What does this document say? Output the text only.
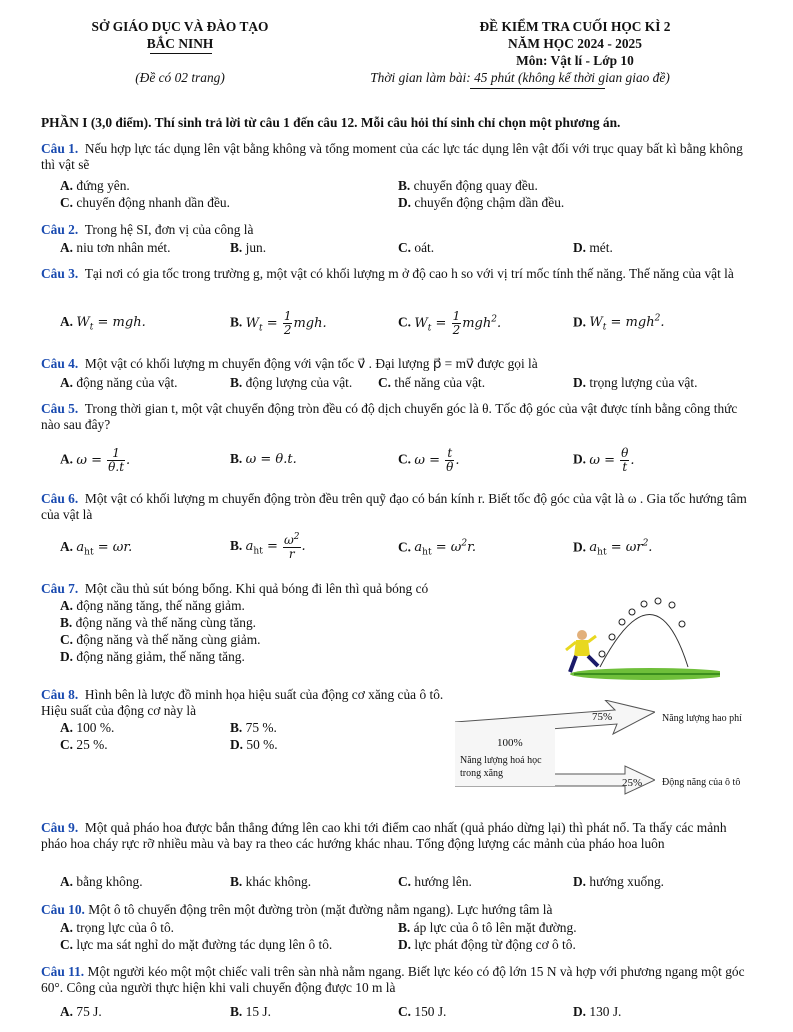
SỞ GIÁO DỤC VÀ ĐÀO TẠO
BẮC NINH
(Đề có 02 trang)
ĐỀ KIỂM TRA CUỐI HỌC KÌ 2
NĂM HỌC 2024 - 2025
Môn: Vật lí - Lớp 10
Thời gian làm bài: 45 phút (không kể thời gian giao đề)
PHẦN I (3,0 điểm). Thí sinh trả lời từ câu 1 đến câu 12. Mỗi câu hỏi thí sinh chỉ chọn một phương án.
Câu 1. Nếu hợp lực tác dụng lên vật bằng không và tổng moment của các lực tác dụng lên vật đối với trục quay bất kì bằng không thì vật sẽ
A. đứng yên.	B. chuyển động quay đều.
C. chuyển động nhanh dần đều.	D. chuyển động chậm dần đều.
Câu 2. Trong hệ SI, đơn vị của công là
A. niu tơn nhân mét.	B. jun.	C. oát.	D. mét.
Câu 3. Tại nơi có gia tốc trong trường g, một vật có khối lượng m ở độ cao h so với vị trí mốc tính thế năng. Thế năng của vật là
A. $W_t$ = mgh.	B. $W_t = \frac{1}{2}$ mgh.	C. $W_t = \frac{1}{2} mgh^2$.	D. $W_t = mgh^2$.
Câu 4. Một vật có khối lượng m chuyển động với vận tốc v⃗ . Đại lượng p⃗ = mv⃗ được gọi là
A. động năng của vật.	B. động lượng của vật. C. thế năng của vật.	D. trọng lượng của vật.
Câu 5. Trong thời gian t, một vật chuyển động tròn đều có độ dịch chuyển góc là θ. Tốc độ góc của vật được tính bằng công thức nào sau đây?
A. $\omega = \frac{1}{\theta.t}$ .	B. ω = θ.t.	C. $\omega = \frac{t}{\theta}$ .	D. $\omega = \frac{\theta}{t}$ .
Câu 6. Một vật có khối lượng m chuyển động tròn đều trên quỹ đạo có bán kính r. Biết tốc độ góc của vật là ω . Gia tốc hướng tâm của vật là
A. $a_{ht} = \omega r$.	B. $a_{ht} = \frac{\omega^2}{r}$ .	C. $a_{ht} = \omega^2r$.	D. $a_{ht} = \omega r^2$.
Câu 7. Một cầu thủ sút bóng bổng. Khi quả bóng đi lên thì quả bóng có
A. động năng tăng, thế năng giảm.
B. động năng và thế năng cùng tăng.
C. động năng và thế năng cùng giảm.
D. động năng giảm, thế năng tăng.
Câu 8. Hình bên là lược đồ minh họa hiệu suất của động cơ xăng của ô tô. Hiệu suất của động cơ này là
A. 100 %.	B. 75 %.
C. 25 %.	D. 50 %.
75%	Năng lượng hao phí
100%
Năng lượng hoá học
trong xăng
25% Động năng của ô tô
Câu 9. Một quả pháo hoa được bắn thẳng đứng lên cao khi tới điểm cao nhất (quả pháo dừng lại) thì phát nổ. Ta thấy các mảnh pháo hoa cháy rực rỡ nhiều màu và bay ra theo các hướng khác nhau. Tổng động lượng các mảnh của pháo hoa luôn
A. bằng không.	B. khác không.	C. hướng lên.	D. hướng xuống.
Câu 10. Một ô tô chuyển động trên một đường tròn (mặt đường nằm ngang). Lực hướng tâm là
A. trọng lực của ô tô.	B. áp lực của ô tô lên mặt đường.
C. lực ma sát nghỉ do mặt đường tác dụng lên ô tô.	D. lực phát động từ động cơ ô tô.
Câu 11. Một người kéo một một chiếc vali trên sàn nhà nằm ngang. Biết lực kéo có độ lớn 15 N và hợp với phương ngang một góc 60°. Công của người thực hiện khi vali chuyển động được 10 m là
A. 75 J.	B. 15 J.	C. 150 J.	D. 130 J.
